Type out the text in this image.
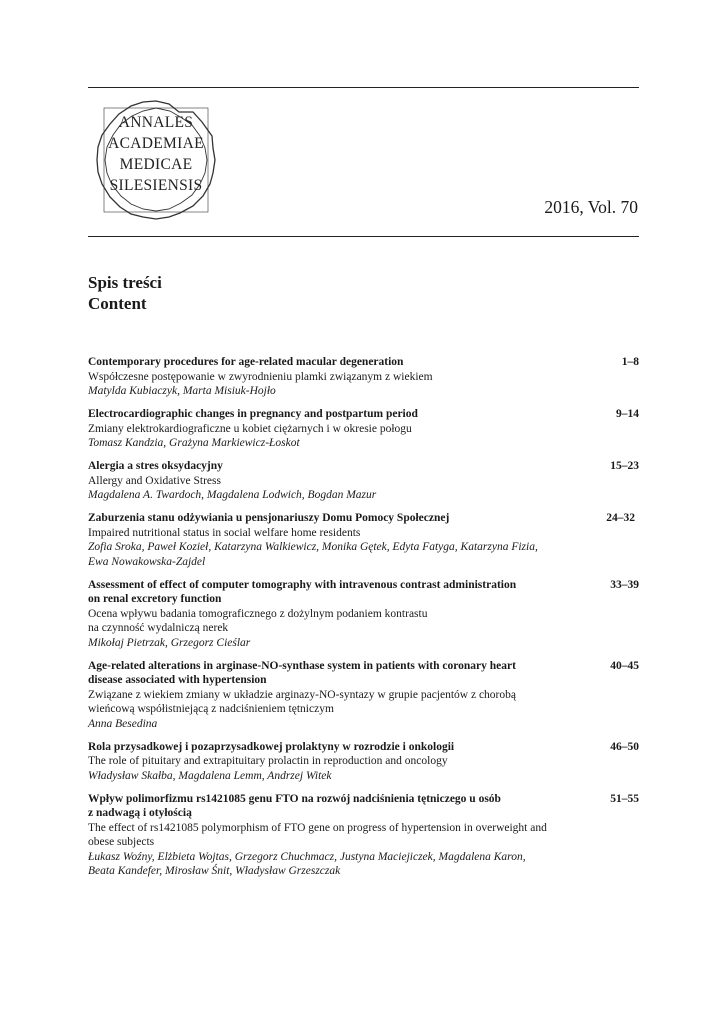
ANNALES
ACADEMIAE
MEDICAE
SILESIENSIS
2016, Vol. 70
Spis treści
Content
Contemporary procedures for age-related macular degeneration
Współczesne postępowanie w zwyrodnieniu plamki związanym z wiekiem
Matylda Kubiaczyk, Marta Misiuk-Hojło
1–8
Electrocardiographic changes in pregnancy and postpartum period
Zmiany elektrokardiograficzne u kobiet ciężarnych i w okresie połogu
Tomasz Kandzia, Grażyna Markiewicz-Łoskot
9–14
Alergia a stres oksydacyjny
Allergy and Oxidative Stress
Magdalena A. Twardoch, Magdalena Lodwich, Bogdan Mazur
15–23
Zaburzenia stanu odżywiania u pensjonariuszy Domu Pomocy Społecznej
Impaired nutritional status in social welfare home residents
Zofia Sroka, Paweł Kozieł, Katarzyna Walkiewicz, Monika Gętek, Edyta Fatyga, Katarzyna Fizia,
Ewa Nowakowska-Zajdel
24–32
Assessment of effect of computer tomography with intravenous contrast administration
on renal excretory function
Ocena wpływu badania tomograficznego z dożylnym podaniem kontrastu
na czynność wydalniczą nerek
Mikołaj Pietrzak, Grzegorz Cieślar
33–39
Age-related alterations in arginase-NO-synthase system in patients with coronary heart
disease associated with hypertension
Związane z wiekiem zmiany w układzie arginazy-NO-syntazy w grupie pacjentów z chorobą
wieńcową współistniejącą z nadciśnieniem tętniczym
Anna Besedina
40–45
Rola przysadkowej i pozaprzysadkowej prolaktyny w rozrodzie i onkologii
The role of pituitary and extrapituitary prolactin in reproduction and oncology
Władysław Skałba, Magdalena Lemm, Andrzej Witek
46–50
Wpływ polimorfizmu rs1421085 genu FTO na rozwój nadciśnienia tętniczego u osób
z nadwagą i otyłością
The effect of rs1421085 polymorphism of FTO gene on progress of hypertension in overweight and
obese subjects
Łukasz Woźny, Elżbieta Wojtas, Grzegorz Chuchmacz, Justyna Maciejiczek, Magdalena Karon,
Beata Kandefer, Mirosław Śnit, Władysław Grzeszczak
51–55
